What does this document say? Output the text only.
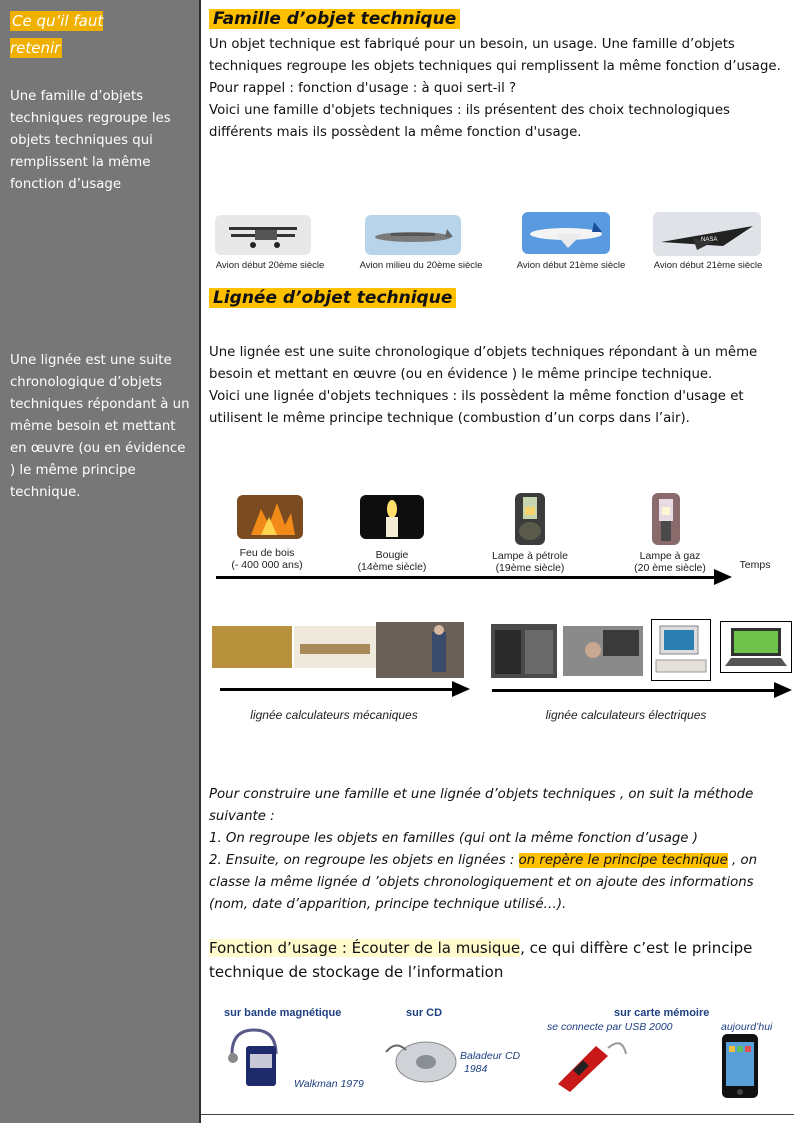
Ce qu’il faut retenir
Une famille d’objets techniques regroupe les objets techniques qui remplissent la même fonction d’usage
Une lignée est une suite chronologique d’objets techniques répondant à un même besoin et mettant en œuvre (ou en évidence ) le même principe technique.
Famille d’objet technique
Un objet technique est fabriqué pour un besoin, un usage. Une famille d’objets techniques regroupe les objets techniques qui remplissent la même fonction d’usage.
Pour rappel : fonction d'usage : à quoi sert-il ?
Voici une famille d'objets techniques : ils présentent des choix technologiques différents mais ils possèdent la même fonction d'usage.
NASA
Avion début 20ème siècle	Avion milieu du 20ème siècle	Avion début 21ème siècle	Avion début 21ème siècle
Lignée d’objet technique
Une lignée est une suite chronologique d’objets techniques répondant à un même besoin et mettant en œuvre (ou en évidence ) le même principe technique.
Voici une lignée d'objets techniques : ils possèdent la même fonction d'usage et utilisent le même principe technique (combustion d’un corps dans l’air).
Feu de bois
(- 400 000 ans)
Bougie
(14ème siècle)
Lampe à pétrole
(19ème siècle)
Lampe à gaz
(20 ème siècle)	Temps
lignée calculateurs mécaniques	lignée calculateurs électriques
Pour construire une famille et une lignée d’objets techniques , on suit la méthode suivante :
1. On regroupe les objets en familles (qui ont la même fonction d’usage )
2. Ensuite, on regroupe les objets en lignées : on repère le principe technique , on classe la même lignée d ’objets chronologiquement et on ajoute des informations (nom, date d’apparition, principe technique utilisé…).
Fonction d’usage : Écouter de la musique, ce qui diffère c’est le principe technique de stockage de l’information
sur bande magnétique	sur CD	sur carte mémoire
se connecte par USB 2000	aujourd’hui
Walkman 1979
Baladeur CD
1984
